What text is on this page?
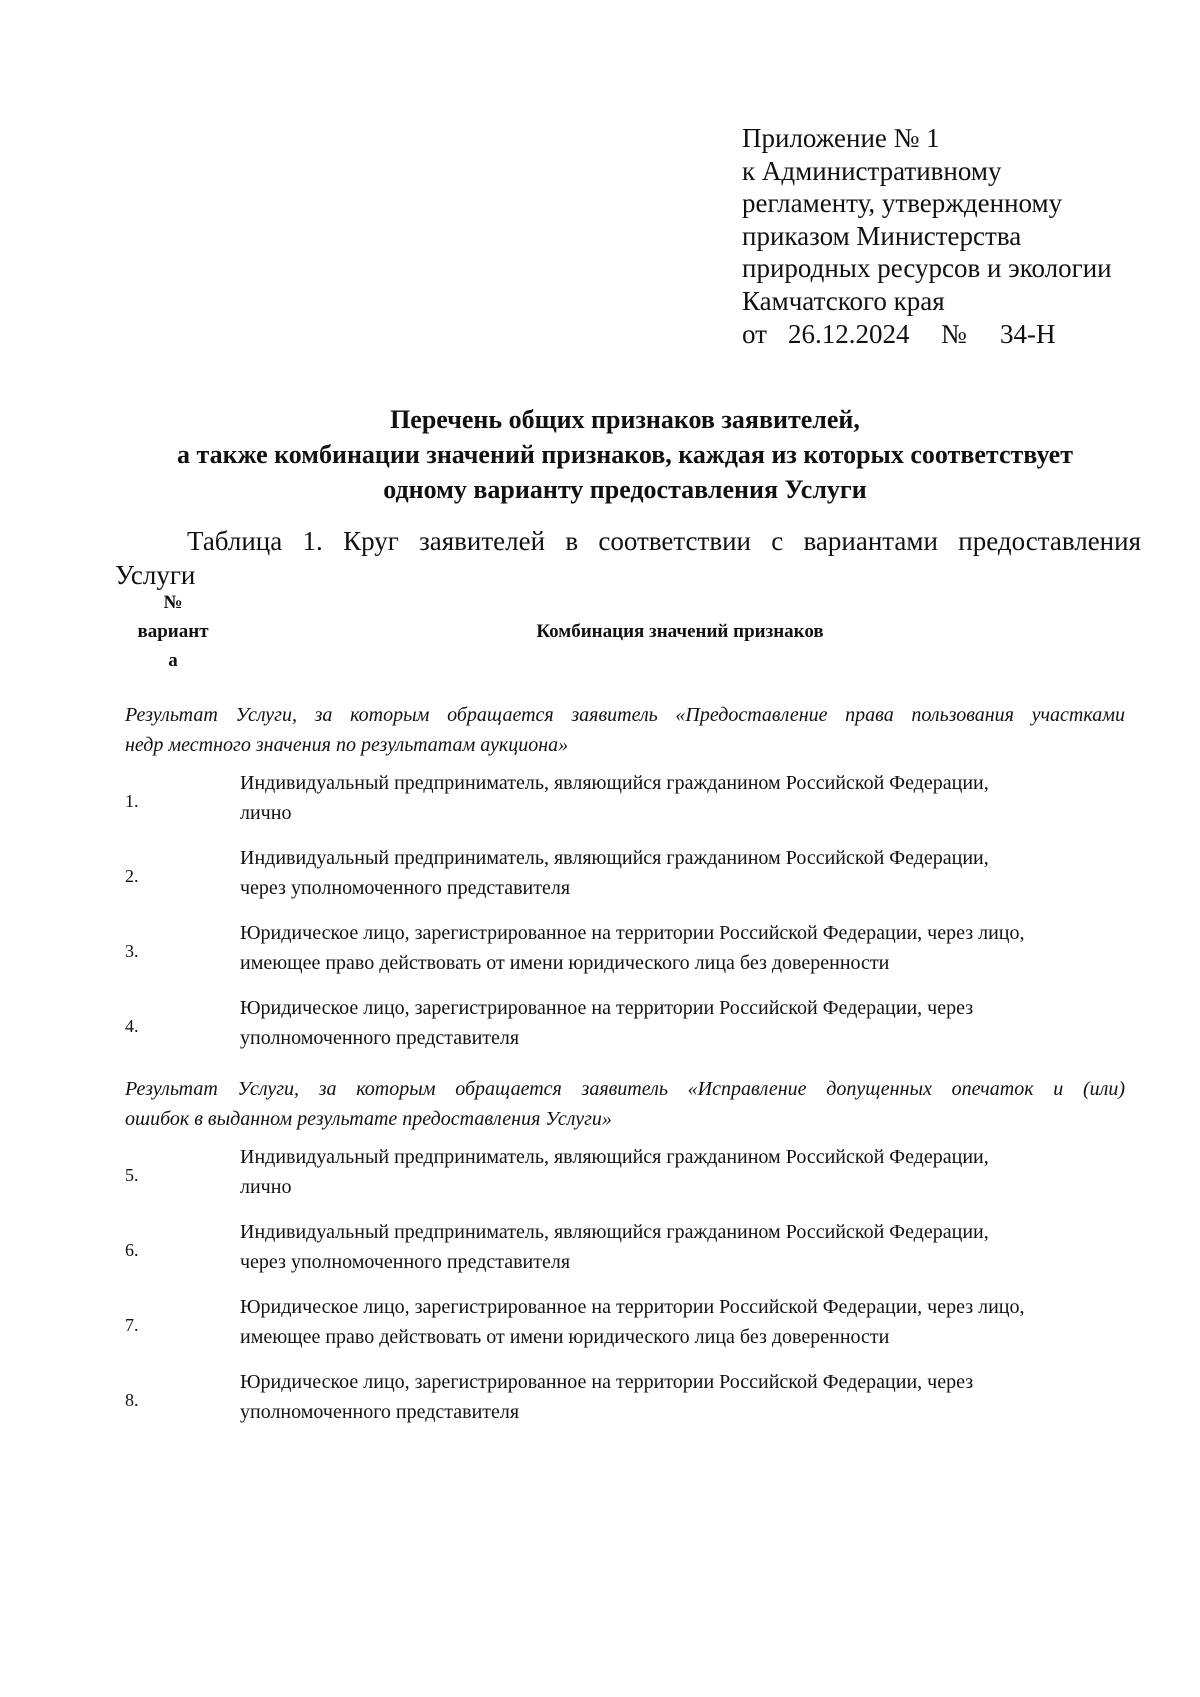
Приложение № 1
к Административному
регламенту, утвержденному
приказом Министерства
природных ресурсов и экологии
Камчатского края
от 26.12.2024 № 34-Н
Перечень общих признаков заявителей,
а также комбинации значений признаков, каждая из которых соответствует
одному варианту предоставления Услуги
Таблица 1. Круг заявителей в соответствии с вариантами предоставления
Услуги
№
вариант
а
Комбинация значений признаков
Результат Услуги, за которым обращается заявитель «Предоставление права пользования участками
недр местного значения по результатам аукциона»
1.
Индивидуальный предприниматель, являющийся гражданином Российской Федерации,
лично
2.
Индивидуальный предприниматель, являющийся гражданином Российской Федерации,
через уполномоченного представителя
3.
Юридическое лицо, зарегистрированное на территории Российской Федерации, через лицо,
имеющее право действовать от имени юридического лица без доверенности
4.
Юридическое лицо, зарегистрированное на территории Российской Федерации, через
уполномоченного представителя
Результат Услуги, за которым обращается заявитель «Исправление допущенных опечаток и (или)
ошибок в выданном результате предоставления Услуги»
5.
Индивидуальный предприниматель, являющийся гражданином Российской Федерации,
лично
6.
Индивидуальный предприниматель, являющийся гражданином Российской Федерации,
через уполномоченного представителя
7.
Юридическое лицо, зарегистрированное на территории Российской Федерации, через лицо,
имеющее право действовать от имени юридического лица без доверенности
8.
Юридическое лицо, зарегистрированное на территории Российской Федерации, через
уполномоченного представителя
